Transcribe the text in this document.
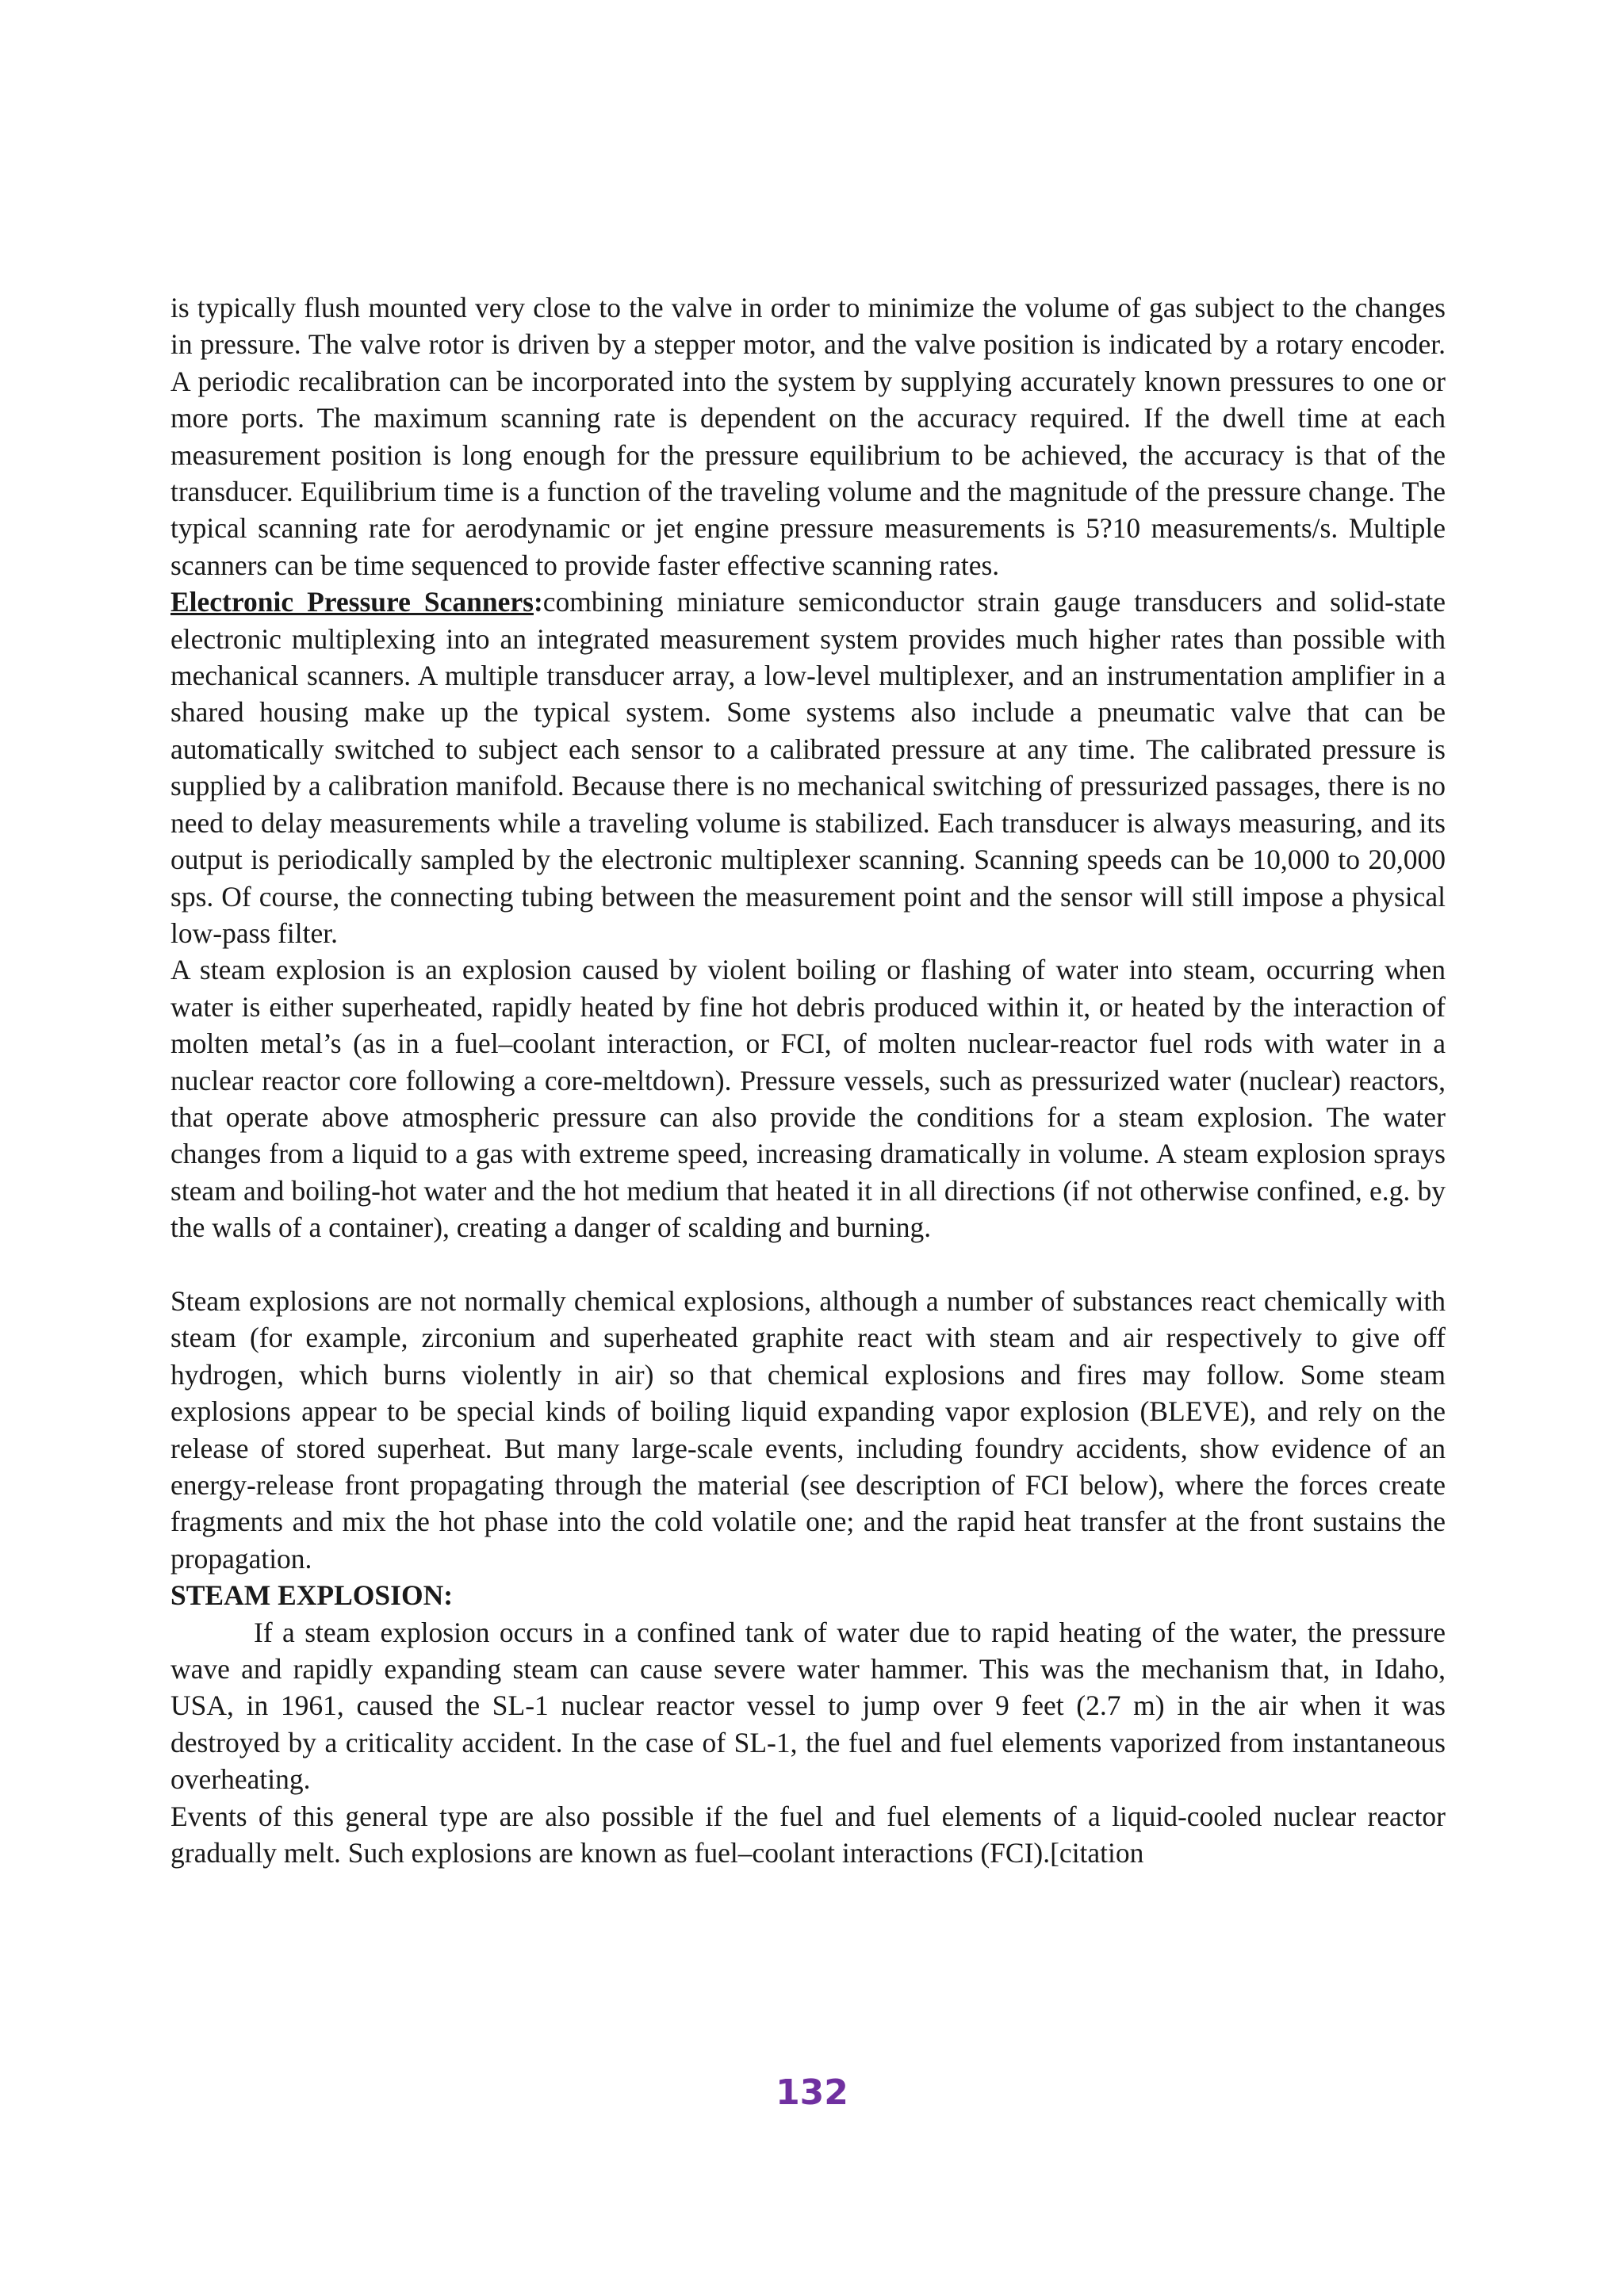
is typically flush mounted very close to the valve in order to minimize the volume of gas subject to the changes in pressure. The valve rotor is driven by a stepper motor, and the valve position is indicated by a rotary encoder. A periodic recalibration can be incorporated into the system by supplying accurately known pressures to one or more ports. The maximum scanning rate is dependent on the accuracy required. If the dwell time at each measurement position is long enough for the pressure equilibrium to be achieved, the accuracy is that of the transducer. Equilibrium time is a function of the traveling volume and the magnitude of the pressure change. The typical scanning rate for aerodynamic or jet engine pressure measurements is 5?10 measurements/s. Multiple scanners can be time sequenced to provide faster effective scanning rates.

Electronic Pressure Scanners:combining miniature semiconductor strain gauge transducers and solid-state electronic multiplexing into an integrated measurement system provides much higher rates than possible with mechanical scanners. A multiple transducer array, a low-level multiplexer, and an instrumentation amplifier in a shared housing make up the typical system. Some systems also include a pneumatic valve that can be automatically switched to subject each sensor to a calibrated pressure at any time. The calibrated pressure is supplied by a calibration manifold. Because there is no mechanical switching of pressurized passages, there is no need to delay measurements while a traveling volume is stabilized. Each transducer is always measuring, and its output is periodically sampled by the electronic multiplexer scanning. Scanning speeds can be 10,000 to 20,000 sps. Of course, the connecting tubing between the measurement point and the sensor will still impose a physical low-pass filter.

A steam explosion is an explosion caused by violent boiling or flashing of water into steam, occurring when water is either superheated, rapidly heated by fine hot debris produced within it, or heated by the interaction of molten metal’s (as in a fuel–coolant interaction, or FCI, of molten nuclear-reactor fuel rods with water in a nuclear reactor core following a core-meltdown). Pressure vessels, such as pressurized water (nuclear) reactors, that operate above atmospheric pressure can also provide the conditions for a steam explosion. The water changes from a liquid to a gas with extreme speed, increasing dramatically in volume. A steam explosion sprays steam and boiling-hot water and the hot medium that heated it in all directions (if not otherwise confined, e.g. by the walls of a container), creating a danger of scalding and burning.

Steam explosions are not normally chemical explosions, although a number of substances react chemically with steam (for example, zirconium and superheated graphite react with steam and air respectively to give off hydrogen, which burns violently in air) so that chemical explosions and fires may follow. Some steam explosions appear to be special kinds of boiling liquid expanding vapor explosion (BLEVE), and rely on the release of stored superheat. But many large-scale events, including foundry accidents, show evidence of an energy-release front propagating through the material (see description of FCI below), where the forces create fragments and mix the hot phase into the cold volatile one; and the rapid heat transfer at the front sustains the propagation.

STEAM EXPLOSION:

If a steam explosion occurs in a confined tank of water due to rapid heating of the water, the pressure wave and rapidly expanding steam can cause severe water hammer. This was the mechanism that, in Idaho, USA, in 1961, caused the SL-1 nuclear reactor vessel to jump over 9 feet (2.7 m) in the air when it was destroyed by a criticality accident. In the case of SL-1, the fuel and fuel elements vaporized from instantaneous overheating.

Events of this general type are also possible if the fuel and fuel elements of a liquid-cooled nuclear reactor gradually melt. Such explosions are known as fuel–coolant interactions (FCI).[citation

132
